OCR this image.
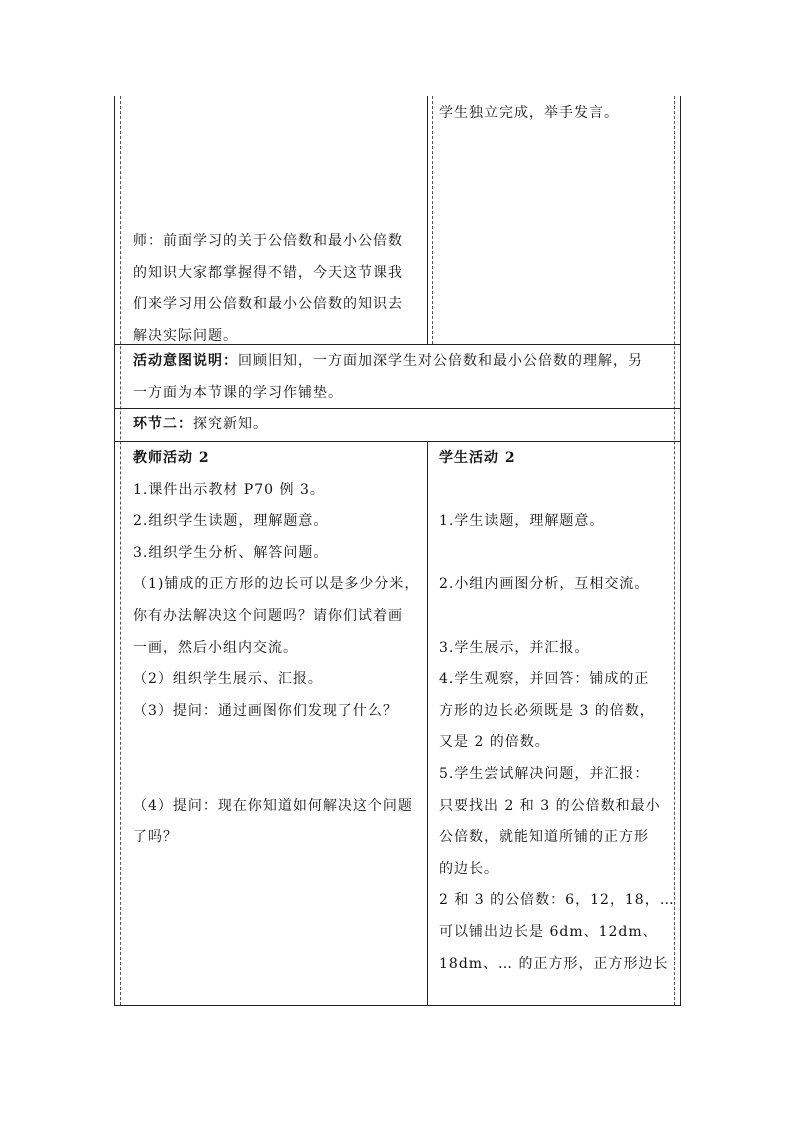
师：前面学习的关于公倍数和最小公倍数

的知识大家都掌握得不错，今天这节课我

们来学习用公倍数和最小公倍数的知识去

解决实际问题。

学生独立完成，举手发言。

活动意图说明：回顾旧知，一方面加深学生对公倍数和最小公倍数的理解，另

一方面为本节课的学习作铺垫。

环节二：探究新知。

教师活动 2

1.课件出示教材 P70 例 3。

2.组织学生读题，理解题意。

3.组织学生分析、解答问题。

（1)铺成的正方形的边长可以是多少分米，

你有办法解决这个问题吗？请你们试着画

一画，然后小组内交流。

（2）组织学生展示、汇报。

（3）提问：通过画图你们发现了什么？

（4）提问：现在你知道如何解决这个问题

了吗？

学生活动 2

1.学生读题，理解题意。

2.小组内画图分析，互相交流。

3.学生展示，并汇报。

4.学生观察，并回答：铺成的正

方形的边长必须既是 3 的倍数，

又是 2 的倍数。

5.学生尝试解决问题，并汇报：

只要找出 2 和 3 的公倍数和最小

公倍数，就能知道所铺的正方形

的边长。

2 和 3 的公倍数：6，12，18，…

可以铺出边长是 6dm、12dm、

18dm、… 的正方形，正方形边长
